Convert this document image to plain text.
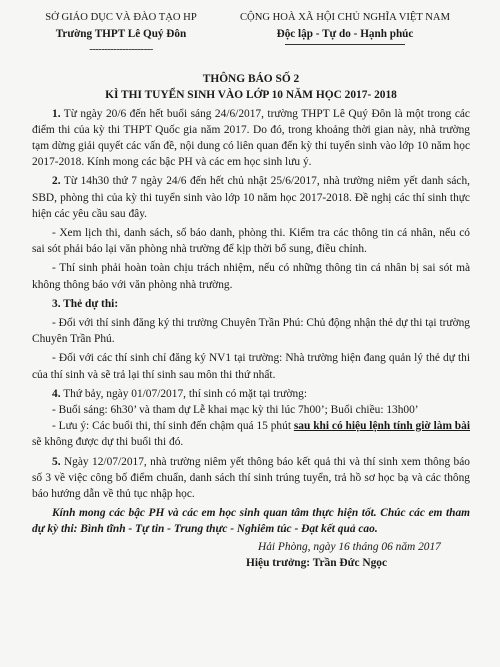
SỞ GIÁO DỤC VÀ ĐÀO TẠO HP
Trường THPT Lê Quý Đôn
---------------------
CỘNG HOÀ XÃ HỘI CHỦ NGHĨA VIỆT NAM
Độc lập - Tự do - Hạnh phúc
THÔNG BÁO SỐ 2
KÌ THI TUYỂN SINH VÀO LỚP 10 NĂM HỌC 2017- 2018

1. Từ ngày 20/6 đến hết buổi sáng 24/6/2017, trường THPT Lê Quý Đôn là một trong các điểm thi của kỳ thi THPT Quốc gia năm 2017. Do đó, trong khoảng thời gian này, nhà trường tạm dừng giải quyết các vấn đề, nội dung có liên quan đến kỳ thi tuyển sinh vào lớp 10 năm học 2017-2018. Kính mong các bậc PH và các em học sinh lưu ý.

2. Từ 14h30 thứ 7 ngày 24/6 đến hết chủ nhật 25/6/2017, nhà trường niêm yết danh sách, SBD, phòng thi của kỳ thi tuyển sinh vào lớp 10 năm học 2017-2018. Đề nghị các thí sinh thực hiện các yêu cầu sau đây.

- Xem lịch thi, danh sách, số báo danh, phòng thi. Kiểm tra các thông tin cá nhân, nếu có sai sót phải báo lại văn phòng nhà trường để kịp thời bổ sung, điều chỉnh.

- Thí sinh phải hoàn toàn chịu trách nhiệm, nếu có những thông tin cá nhân bị sai sót mà không thông báo với văn phòng nhà trường.

3. Thẻ dự thi:

- Đối với thí sinh đăng ký thi trường Chuyên Trần Phú: Chủ động nhận thẻ dự thi tại trường Chuyên Trần Phú.

- Đối với các thí sinh chỉ đăng ký NV1 tại trường: Nhà trường hiện đang quản lý thẻ dự thi của thí sinh và sẽ trả lại thí sinh sau môn thi thứ nhất.

4. Thứ bảy, ngày 01/07/2017, thí sinh có mặt tại trường:

- Buổi sáng: 6h30’ và tham dự Lễ khai mạc kỳ thi lúc 7h00’; Buổi chiều: 13h00’

- Lưu ý: Các buổi thi, thí sinh đến chậm quá 15 phút sau khi có hiệu lệnh tính giờ làm bài sẽ không được dự thi buổi thi đó.

5. Ngày 12/07/2017, nhà trường niêm yết thông báo kết quả thi và thí sinh xem thông báo số 3 về việc công bố điểm chuẩn, danh sách thí sinh trúng tuyển, trả hồ sơ học bạ và các thông báo hướng dẫn về thủ tục nhập học.

Kính mong các bậc PH và các em học sinh quan tâm thực hiện tốt. Chúc các em tham dự kỳ thi: Bình tĩnh - Tự tin - Trung thực - Nghiêm túc - Đạt kết quả cao.
Hải Phòng, ngày 16 tháng 06 năm 2017
Hiệu trưởng: Trần Đức Ngọc
